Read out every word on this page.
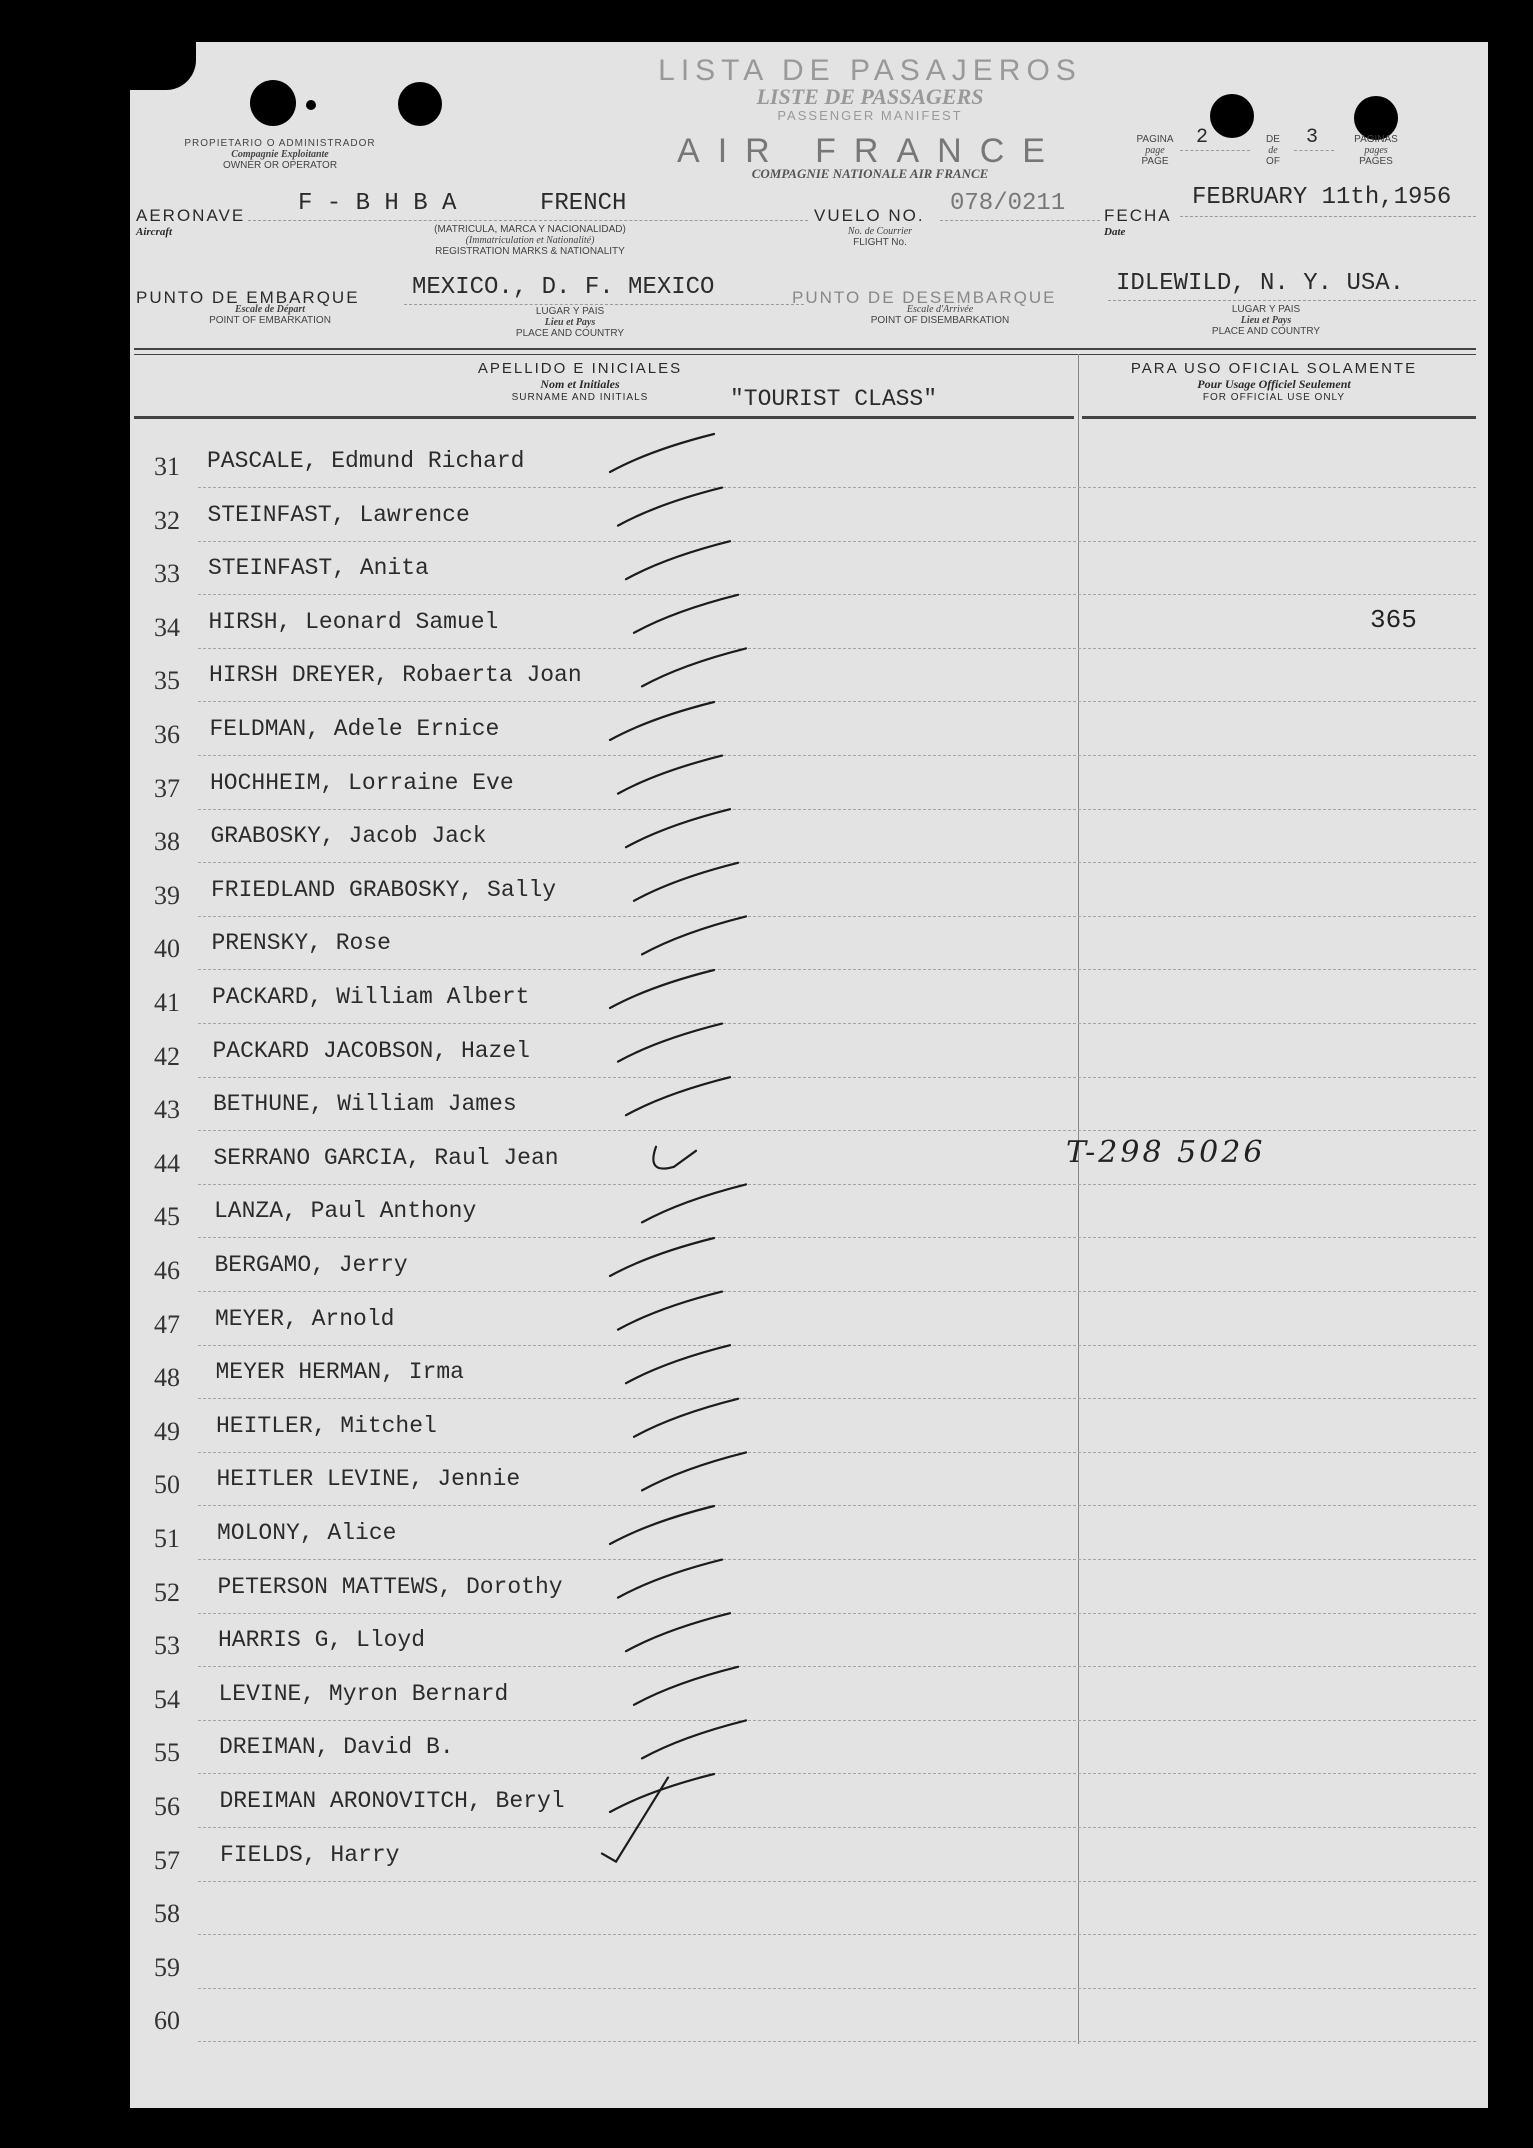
LISTA DE PASAJEROS
LISTE DE PASSAGERS
PASSENGER MANIFEST
PROPIETARIO O ADMINISTRADOR
Compagnie Exploitante
OWNER OR OPERATOR	AIR FRANCE
COMPAGNIE NATIONALE AIR FRANCE
PAGINA
page
PAGE
2	DE
de
OF
3	PAGINAS
pages
PAGES
AERONAVE
Aircraft
F - B H B A	FRENCH
(MATRICULA, MARCA Y NACIONALIDAD)
(Immatriculation et Nationalité)
REGISTRATION MARKS & NATIONALITY
VUELO NO.
No. de Courrier
FLIGHT No.
078/0211 FECHA
Date
FEBRUARY 11th,1956
PUNTO DE EMBARQUE
Escale de Départ
POINT OF EMBARKATION
MEXICO., D. F. MEXICO
LUGAR Y PAIS
Lieu et Pays
PLACE AND COUNTRY
PUNTO DE DESEMBARQUE
Escale d'Arrivée
POINT OF DISEMBARKATION
IDLEWILD, N. Y. USA.
LUGAR Y PAIS
Lieu et Pays
PLACE AND COUNTRY
APELLIDO E INICIALES
Nom et Initiales
SURNAME AND INITIALS	"TOURIST CLASS"
PARA USO OFICIAL SOLAMENTE
Pour Usage Officiel Seulement
FOR OFFICIAL USE ONLY
31 PASCALE, Edmund Richard
32 STEINFAST, Lawrence
33 STEINFAST, Anita
34 HIRSH, Leonard Samuel	365
35 HIRSH DREYER, Robaerta Joan
36 FELDMAN, Adele Ernice
37 HOCHHEIM, Lorraine Eve
38 GRABOSKY, Jacob Jack
39 FRIEDLAND GRABOSKY, Sally
40 PRENSKY, Rose
41 PACKARD, William Albert
42 PACKARD JACOBSON, Hazel
43 BETHUNE, William James
44 SERRANO GARCIA, Raul Jean	T-298 5026
45 LANZA, Paul Anthony
46 BERGAMO, Jerry
47 MEYER, Arnold
48 MEYER HERMAN, Irma
49 HEITLER, Mitchel
50 HEITLER LEVINE, Jennie
51 MOLONY, Alice
52 PETERSON MATTEWS, Dorothy
53 HARRIS G, Lloyd
54 LEVINE, Myron Bernard
55 DREIMAN, David B.
56 DREIMAN ARONOVITCH, Beryl
57 FIELDS, Harry
58
59
60
